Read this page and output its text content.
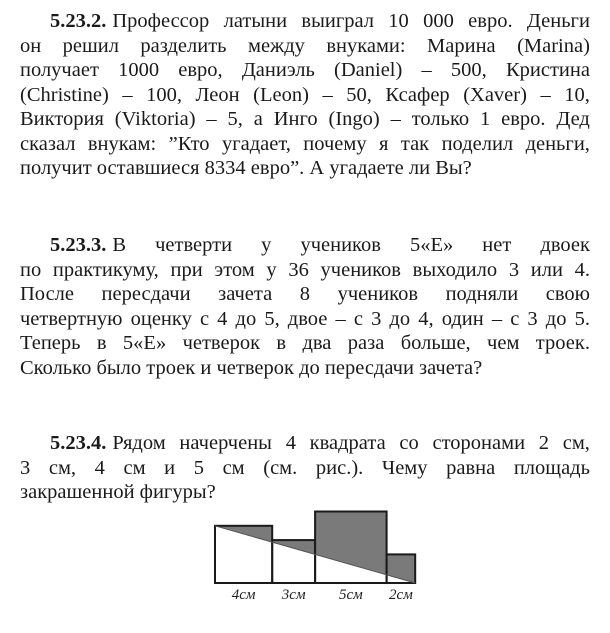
5.23.2. Профессор латыни выиграл 10 000 евро. Деньги
он решил разделить между внуками: Марина (Marina)
получает 1000 евро, Даниэль (Daniel) – 500, Кристина
(Christine) – 100, Леон (Leon) – 50, Ксафер (Xaver) – 10,
Виктория (Viktoria) – 5, а Инго (Ingo) – только 1 евро. Дед
сказал внукам: ”Кто угадает, почему я так поделил деньги,
получит оставшиеся 8334 евро”. А угадаете ли Вы?
5.23.3. В четверти у учеников 5«Е» нет двоек
по практикуму, при этом у 36 учеников выходило 3 или 4.
После пересдачи зачета 8 учеников подняли свою
четвертную оценку с 4 до 5, двое – с 3 до 4, один – с 3 до 5.
Теперь в 5«Е» четверок в два раза больше, чем троек.
Сколько было троек и четверок до пересдачи зачета?
5.23.4. Рядом начерчены 4 квадрата со сторонами 2 см,
3 см, 4 см и 5 см (см. рис.). Чему равна площадь
закрашенной фигуры?
4см 3см 5см 2см
